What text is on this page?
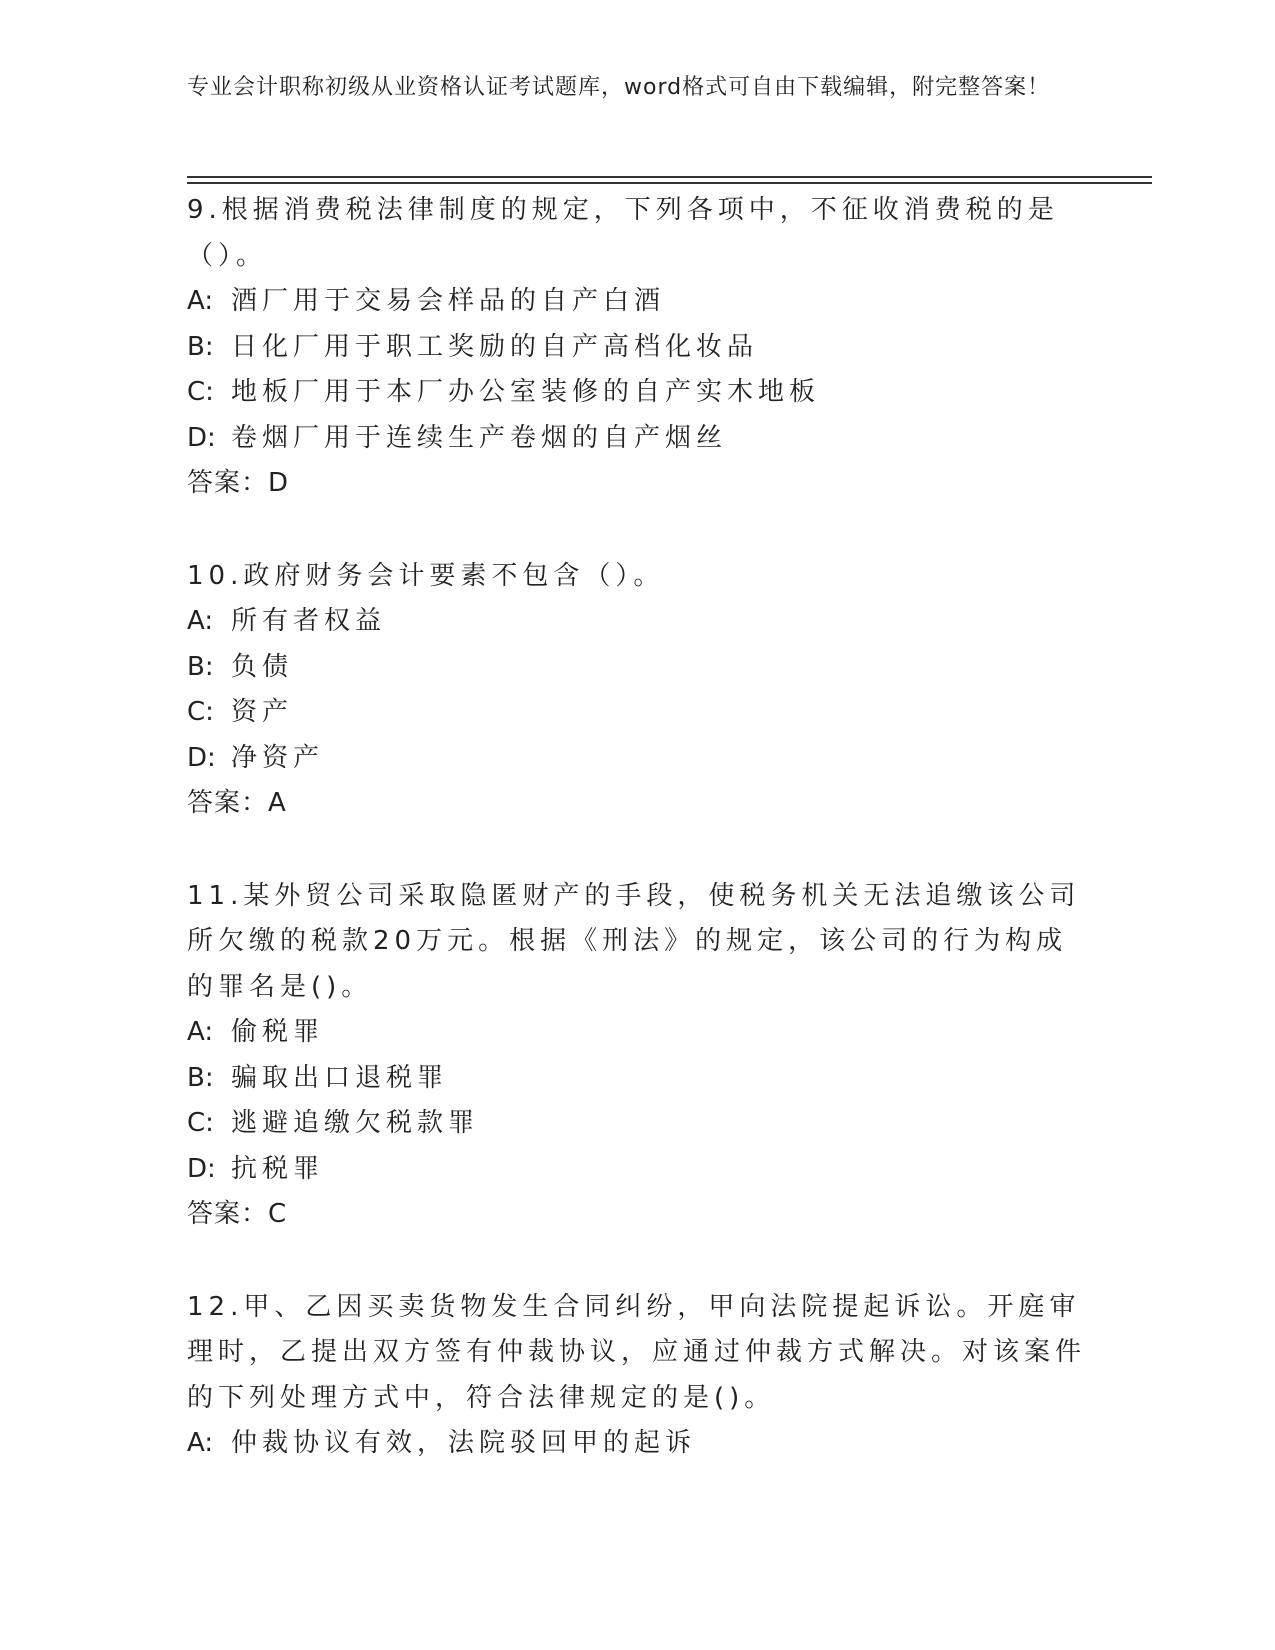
专业会计职称初级从业资格认证考试题库，word格式可自由下载编辑，附完整答案！
9.根据消费税法律制度的规定，下列各项中，不征收消费税的是（）。
A: 酒厂用于交易会样品的自产白酒
B: 日化厂用于职工奖励的自产高档化妆品
C: 地板厂用于本厂办公室装修的自产实木地板
D: 卷烟厂用于连续生产卷烟的自产烟丝
答案：D
10.政府财务会计要素不包含（）。
A: 所有者权益
B: 负债
C: 资产
D: 净资产
答案：A
11.某外贸公司采取隐匿财产的手段，使税务机关无法追缴该公司所欠缴的税款20万元。根据《刑法》的规定，该公司的行为构成的罪名是()。
A: 偷税罪
B: 骗取出口退税罪
C: 逃避追缴欠税款罪
D: 抗税罪
答案：C
12.甲、乙因买卖货物发生合同纠纷，甲向法院提起诉讼。开庭审理时，乙提出双方签有仲裁协议，应通过仲裁方式解决。对该案件的下列处理方式中，符合法律规定的是()。
A: 仲裁协议有效，法院驳回甲的起诉
